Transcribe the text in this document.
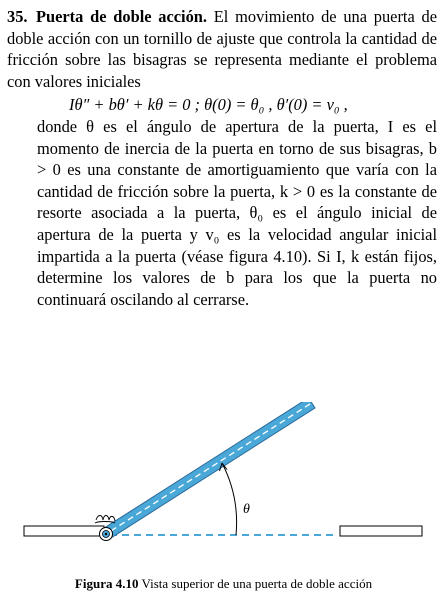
35. Puerta de doble acción. El movimiento de una puerta de doble acción con un tornillo de ajuste que controla la cantidad de fricción sobre las bisagras se representa mediante el problema con valores iniciales
Iθ″ + bθ′ + kθ = 0 ; θ(0) = θ₀ , θ′(0) = v₀ ,
donde θ es el ángulo de apertura de la puerta, I es el momento de inercia de la puerta en torno de sus bisagras, b > 0 es una constante de amortiguamiento que varía con la cantidad de fricción sobre la puerta, k > 0 es la constante de resorte asociada a la puerta, θ₀ es el ángulo inicial de apertura de la puerta y v₀ es la velocidad angular inicial impartida a la puerta (véase figura 4.10). Si I, k están fijos, determine los valores de b para los que la puerta no continuará oscilando al cerrarse.
θ
Figura 4.10 Vista superior de una puerta de doble acción
